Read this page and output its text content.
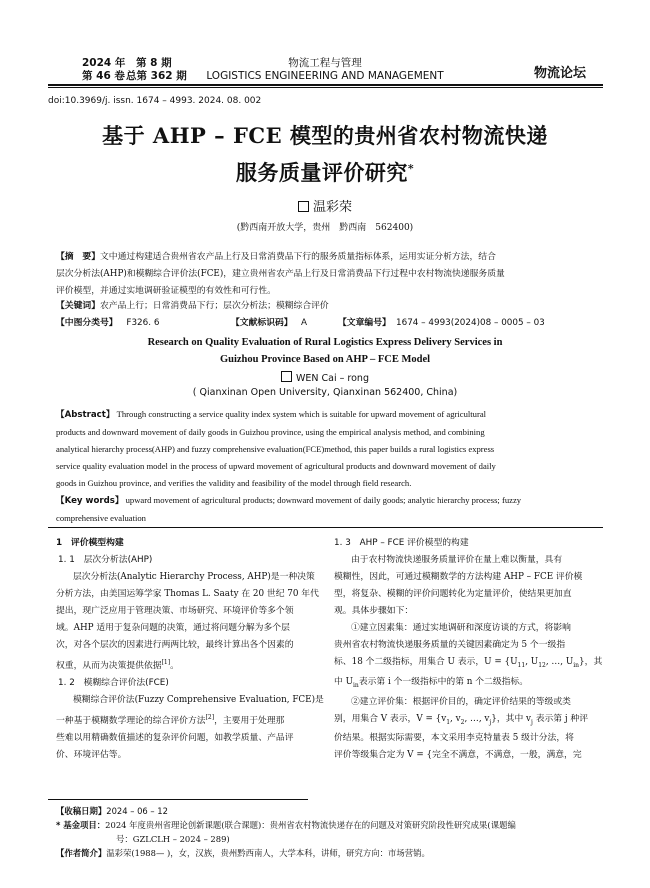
2024 年 第 8 期
第 46 卷 总第 362 期
物流工程与管理
LOGISTICS ENGINEERING AND MANAGEMENT	物流论坛
doi:10.3969/j. issn. 1674 – 4993. 2024. 08. 002
基于 AHP – FCE 模型的贵州省农村物流快递
服务质量评价研究*
温彩荣
(黔西南开放大学，贵州　黔西南　562400)
【摘　要】文中通过构建适合贵州省农产品上行及日常消费品下行的服务质量指标体系，运用实证分析方法，结合
层次分析法(AHP)和模糊综合评价法(FCE)，建立贵州省农产品上行及日常消费品下行过程中农村物流快递服务质量
评价模型，并通过实地调研验证模型的有效性和可行性。
【关键词】农产品上行；日常消费品下行；层次分析法；模糊综合评价
【中图分类号】 F326. 6	【文献标识码】 A	【文章编号】 1674 – 4993(2024)08 – 0005 – 03
Research on Quality Evaluation of Rural Logistics Express Delivery Services in
Guizhou Province Based on AHP – FCE Model
WEN Cai – rong
( Qianxinan Open University, Qianxinan 562400, China)
【Abstract】 Through constructing a service quality index system which is suitable for upward movement of agricultural
products and downward movement of daily goods in Guizhou province, using the empirical analysis method, and combining
analytical hierarchy process(AHP) and fuzzy comprehensive evaluation(FCE)method, this paper builds a rural logistics express
service quality evaluation model in the process of upward movement of agricultural products and downward movement of daily
goods in Guizhou province, and verifies the validity and feasibility of the model through field research.
【Key words】 upward movement of agricultural products; downward movement of daily goods; analytic hierarchy process; fuzzy
comprehensive evaluation
1　评价模型构建
1. 1　层次分析法(AHP)
层次分析法(Analytic Hierarchy Process, AHP)是一种决策
分析方法，由美国运筹学家 Thomas L. Saaty 在 20 世纪 70 年代
提出，现广泛应用于管理决策、市场研究、环境评价等多个领
域。AHP 适用于复杂问题的决策，通过将问题分解为多个层
次，对各个层次的因素进行两两比较，最终计算出各个因素的
权重，从而为决策提供依据[1]。
1. 2　模糊综合评价法(FCE)
模糊综合评价法(Fuzzy Comprehensive Evaluation, FCE)是
一种基于模糊数学理论的综合评价方法[2]，主要用于处理那
些难以用精确数值描述的复杂评价问题，如教学质量、产品评
价、环境评估等。
1. 3　AHP – FCE 评价模型的构建
由于农村物流快递服务质量评价在量上难以衡量，具有
模糊性，因此，可通过模糊数学的方法构建 AHP – FCE 评价模
型，将复杂、模糊的评价问题转化为定量评价，使结果更加直
观。具体步骤如下：
①建立因素集：通过实地调研和深度访谈的方式，将影响
贵州省农村物流快递服务质量的关键因素确定为 5 个一级指
标、18 个二级指标，用集合 U 表示，$U = \{U_{11}$, $U_{12}$, …, $U_{in}$}，其
中 $U_{in}$表示第 i 个一级指标中的第 n 个二级指标。
②建立评价集：根据评价目的，确定评价结果的等级或类
别，用集合 V 表示，$V = \{v_1$, $v_2$, …, $v_j$}，其中 $v_j$ 表示第 j 种评
价结果。根据实际需要，本文采用李克特量表 5 级计分法，将
评价等级集合定为 V = {完全不满意，不满意，一般，满意，完
【收稿日期】2024 – 06 – 12
* 基金项目：2024 年度贵州省理论创新课题(联合课题)：贵州省农村物流快递存在的问题及对策研究阶段性研究成果(课题编
号：GZLCLH – 2024 – 289)
【作者简介】温彩荣(1988— )，女，汉族，贵州黔西南人，大学本科，讲师，研究方向：市场营销。
